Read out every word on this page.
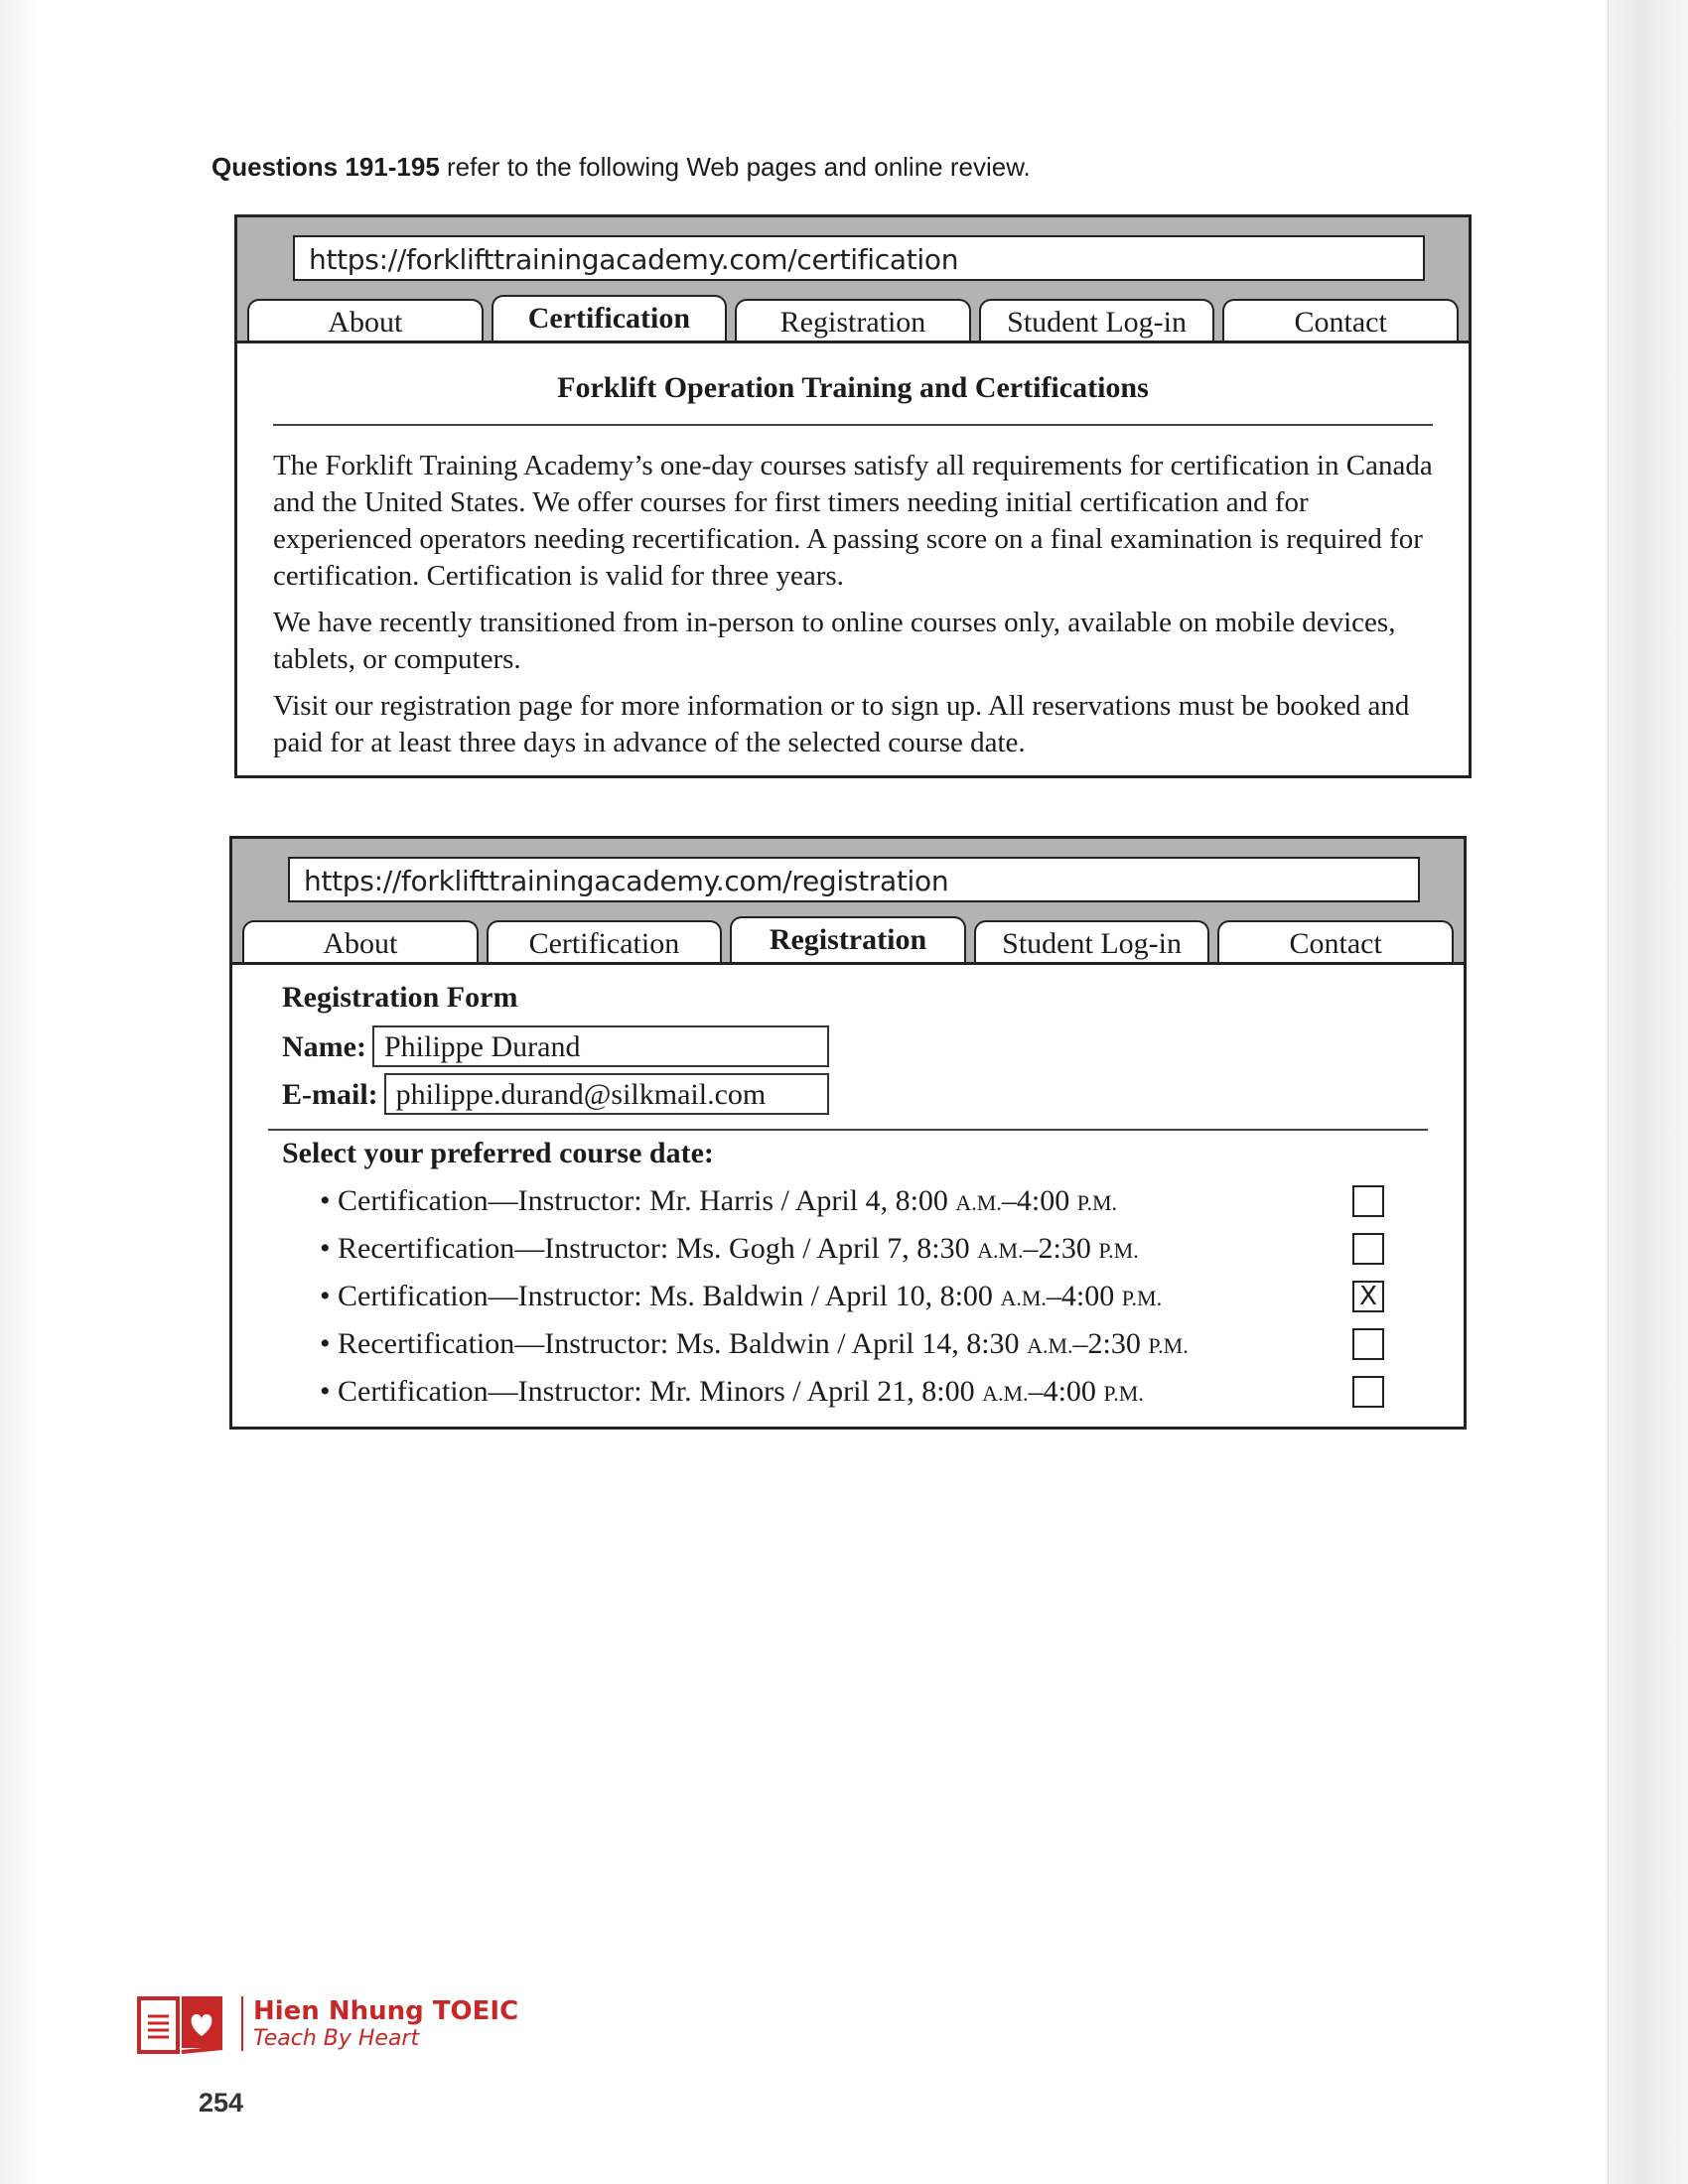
Questions 191-195 refer to the following Web pages and online review.
https://forklifttrainingacademy.com/certification
About	Certification	Registration	Student Log-in	Contact
Forklift Operation Training and Certifications

The Forklift Training Academy’s one-day courses satisfy all requirements for certification in Canada and the United States. We offer courses for first timers needing initial certification and for experienced operators needing recertification. A passing score on a final examination is required for certification. Certification is valid for three years.

We have recently transitioned from in-person to online courses only, available on mobile devices, tablets, or computers.

Visit our registration page for more information or to sign up. All reservations must be booked and paid for at least three days in advance of the selected course date.

https://forklifttrainingacademy.com/registration
About	Certification	Registration	Student Log-in	Contact
Registration Form
Name: Philippe Durand
E-mail: philippe.durand@silkmail.com
Select your preferred course date:
• Certification—Instructor: Mr. Harris / April 4, 8:00 A.M.–4:00 P.M.
• Recertification—Instructor: Ms. Gogh / April 7, 8:30 A.M.–2:30 P.M.
• Certification—Instructor: Ms. Baldwin / April 10, 8:00 A.M.–4:00 P.M.	X
• Recertification—Instructor: Ms. Baldwin / April 14, 8:30 A.M.–2:30 P.M.
• Certification—Instructor: Mr. Minors / April 21, 8:00 A.M.–4:00 P.M.
Hien Nhung TOEIC
Teach By Heart
254
